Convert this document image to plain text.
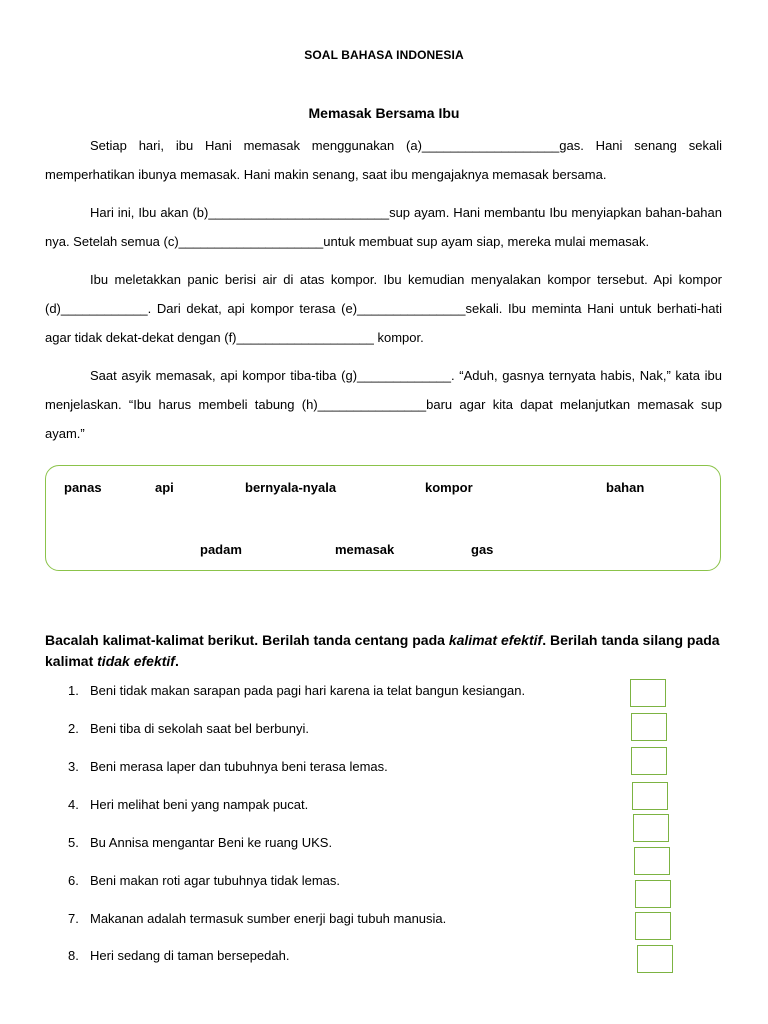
SOAL BAHASA INDONESIA
Memasak Bersama Ibu

Setiap hari, ibu Hani memasak menggunakan (a)___________________gas. Hani senang sekali memperhatikan ibunya memasak. Hani makin senang, saat ibu mengajaknya memasak bersama.

Hari ini, Ibu akan (b)_________________________sup ayam. Hani membantu Ibu menyiapkan bahan-bahan nya. Setelah semua (c)____________________untuk membuat sup ayam siap, mereka mulai memasak.

Ibu meletakkan panic berisi air di atas kompor. Ibu kemudian menyalakan kompor tersebut. Api kompor (d)____________. Dari dekat, api kompor terasa (e)_______________sekali. Ibu meminta Hani untuk berhati-hati agar tidak dekat-dekat dengan (f)___________________ kompor.

Saat asyik memasak, api kompor tiba-tiba (g)_____________. “Aduh, gasnya ternyata habis, Nak,” kata ibu menjelaskan. “Ibu harus membeli tabung (h)_______________baru agar kita dapat melanjutkan memasak sup ayam.”

panas	api	bernyala-nyala	kompor	bahan
padam	memasak	gas
Bacalah kalimat-kalimat berikut. Berilah tanda centang pada kalimat efektif. Berilah tanda silang pada kalimat tidak efektif.
1. Beni tidak makan sarapan pada pagi hari karena ia telat bangun kesiangan.
2. Beni tiba di sekolah saat bel berbunyi.
3. Beni merasa laper dan tubuhnya beni terasa lemas.
4. Heri melihat beni yang nampak pucat.
5. Bu Annisa mengantar Beni ke ruang UKS.
6. Beni makan roti agar tubuhnya tidak lemas.
7. Makanan adalah termasuk sumber enerji bagi tubuh manusia.
8. Heri sedang di taman bersepedah.
